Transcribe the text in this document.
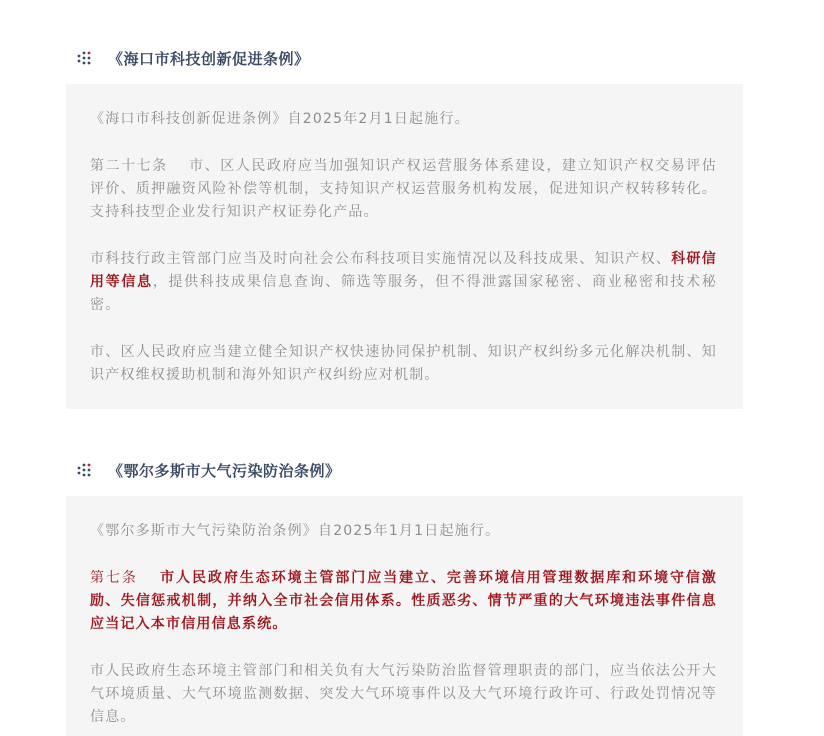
《海口市科技创新促进条例》

《海口市科技创新促进条例》自2025年2月1日起施行。

第二十七条　 市、区人民政府应当加强知识产权运营服务体系建设，建立知识产权交易评估评价、质押融资风险补偿等机制，支持知识产权运营服务机构发展，促进知识产权转移转化。支持科技型企业发行知识产权证券化产品。

市科技行政主管部门应当及时向社会公布科技项目实施情况以及科技成果、知识产权、科研信用等信息，提供科技成果信息查询、筛选等服务，但不得泄露国家秘密、商业秘密和技术秘密。

市、区人民政府应当建立健全知识产权快速协同保护机制、知识产权纠纷多元化解决机制、知识产权维权援助机制和海外知识产权纠纷应对机制。

《鄂尔多斯市大气污染防治条例》

《鄂尔多斯市大气污染防治条例》自2025年1月1日起施行。

第七条　 市人民政府生态环境主管部门应当建立、完善环境信用管理数据库和环境守信激励、失信惩戒机制，并纳入全市社会信用体系。性质恶劣、情节严重的大气环境违法事件信息应当记入本市信用信息系统。

市人民政府生态环境主管部门和相关负有大气污染防治监督管理职责的部门，应当依法公开大气环境质量、大气环境监测数据、突发大气环境事件以及大气环境行政许可、行政处罚情况等信息。
